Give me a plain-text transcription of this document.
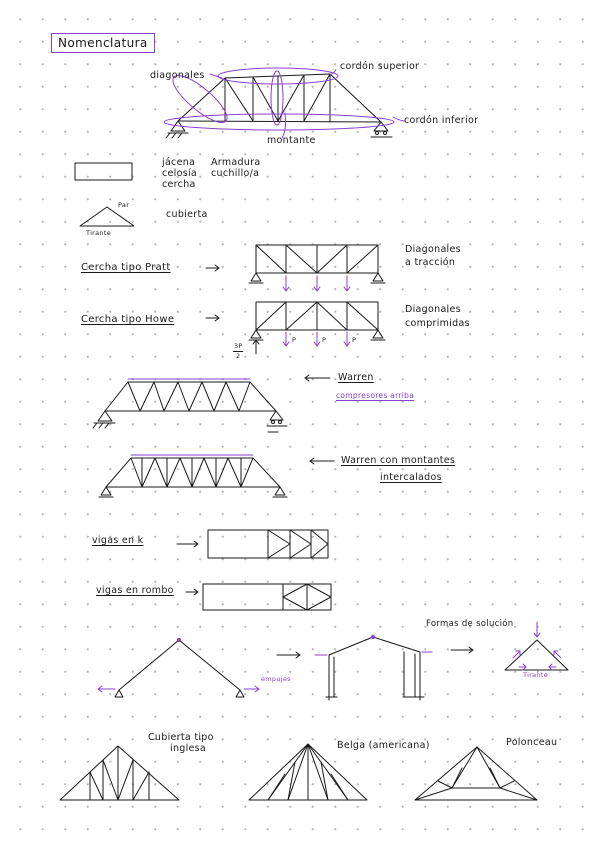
Nomenclatura
diagonales
cordón superior
cordón inferior
montante
jácena
celosía
cercha
Armadura
cuchillo/a
Par
Tirante
cubierta
Cercha tipo Pratt
Diagonales
a tracción
Cercha tipo Howe
Diagonales
comprimidas
P	P	P
3P
2
Warren
compresores arriba
Warren con montantes
intercalados
vigas en k
vigas en rombo
empujes
Formas de solución
Tirante
Cubierta tipo
inglesa	Belga (americana)	Polonceau
